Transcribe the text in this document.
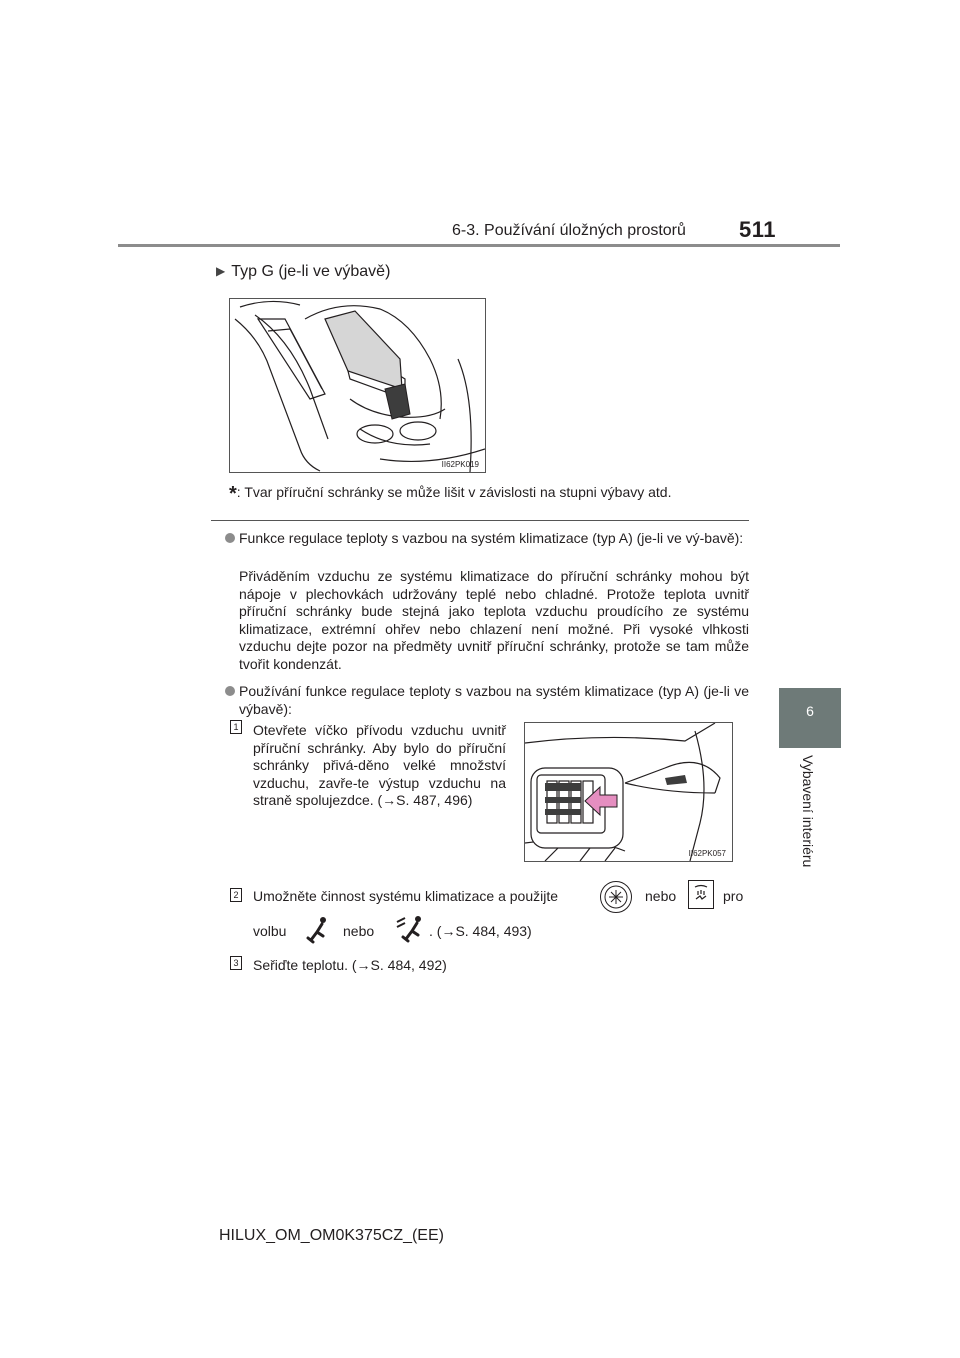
6-3. Používání úložných prostorů 511
6
Vybavení interiéru
▶ Typ G (je-li ve výbavě)
II62PK019
*: Tvar příruční schránky se může lišit v závislosti na stupni výbavy atd.
Funkce regulace teploty s vazbou na systém klimatizace (typ A) (je-li ve vý-bavě):
Přiváděním vzduchu ze systému klimatizace do příruční schránky mohou být nápoje v plechovkách udržovány teplé nebo chladné. Protože teplota uvnitř příruční schránky bude stejná jako teplota vzduchu proudícího ze systému klimatizace, extrémní ohřev nebo chlazení není možné. Při vysoké vlhkosti vzduchu dejte pozor na předměty uvnitř příruční schránky, protože se tam může tvořit kondenzát.
Používání funkce regulace teploty s vazbou na systém klimatizace (typ A) (je-li ve výbavě):
1 Otevřete víčko přívodu vzduchu uvnitř příruční schránky. Aby bylo do příruční schránky přivá-děno velké množství vzduchu, zavře-te výstup vzduchu na straně spolujezdce. (→S. 487, 496)
II62PK057
2 Umožněte činnost systému klimatizace a použijte	nebo	pro
volbu	nebo	. (→S. 484, 493)
3 Seřiďte teplotu. (→S. 484, 492)
HILUX_OM_OM0K375CZ_(EE)
